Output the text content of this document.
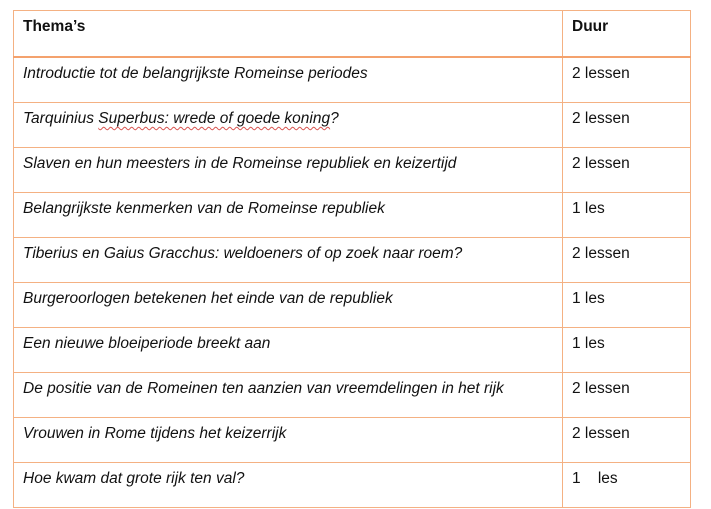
Thema’s	Duur
Introductie tot de belangrijkste Romeinse periodes	2 lessen
Tarquinius Superbus: wrede of goede koning?	2 lessen
Slaven en hun meesters in de Romeinse republiek en keizertijd	2 lessen
Belangrijkste kenmerken van de Romeinse republiek	1 les
Tiberius en Gaius Gracchus: weldoeners of op zoek naar roem?	2 lessen
Burgeroorlogen betekenen het einde van de republiek	1 les
Een nieuwe bloeiperiode breekt aan	1 les
De positie van de Romeinen ten aanzien van vreemdelingen in het rijk	2 lessen
Vrouwen in Rome tijdens het keizerrijk	2 lessen
Hoe kwam dat grote rijk ten val?	1    les
